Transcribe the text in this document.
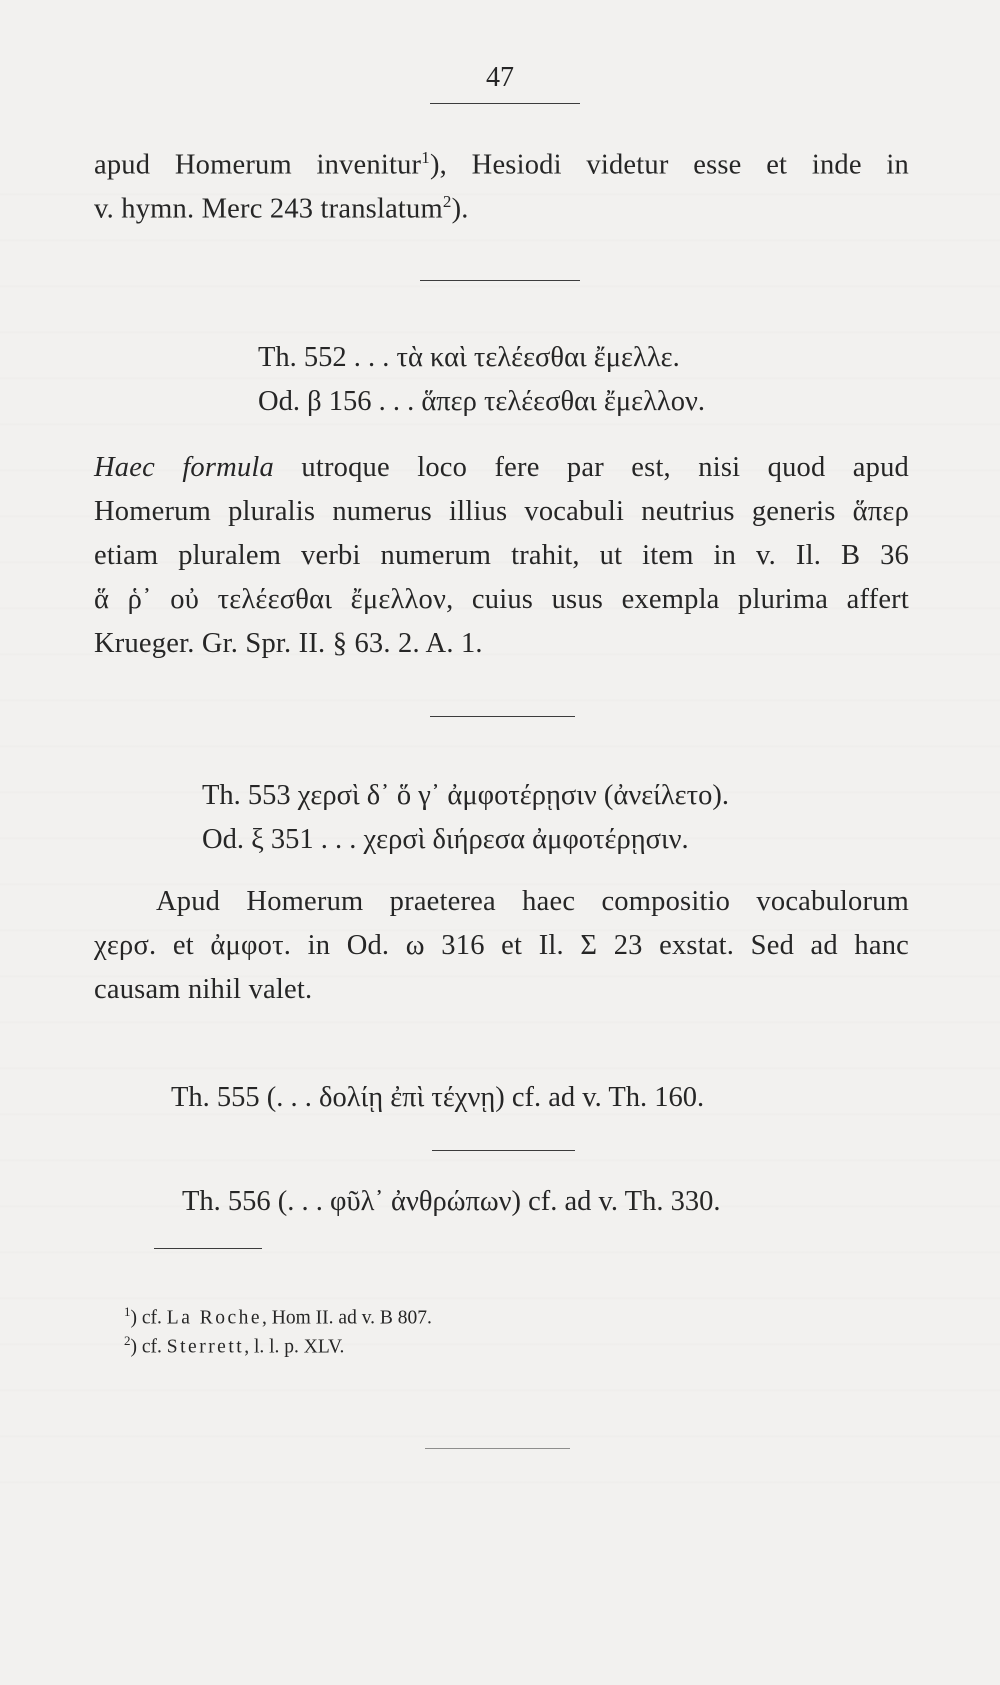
47
apud Homerum invenitur$^1$), Hesiodi videtur esse et inde in
v. hymn. Merc 243 translatum$^2$).
Th. 552 . . . τὰ καὶ τελέεσθαι ἔμελλε.
Od. β 156 . . . ἅπερ τελέεσθαι ἔμελλον.
Haec formula utroque loco fere par est, nisi quod apud
Homerum pluralis numerus illius vocabuli neutrius generis ἅπερ
etiam pluralem verbi numerum trahit, ut item in v. Il. B 36
ἅ ῥ᾽ οὐ τελέεσθαι ἔμελλον, cuius usus exempla plurima affert
Krueger. Gr. Spr. II. § 63. 2. A. 1.
Th. 553 χερσὶ δ᾽ ὅ γ᾽ ἀμφοτέρῃσιν (ἀνείλετο).
Od. ξ 351 . . . χερσὶ διήρεσα ἀμφοτέρῃσιν.
Apud Homerum praeterea haec compositio vocabulorum
χερσ. et ἀμφοτ. in Od. ω 316 et Il. Σ 23 exstat. Sed ad hanc
causam nihil valet.
Th. 555 (. . . δολίῃ ἐπὶ τέχνῃ) cf. ad v. Th. 160.
Th. 556 (. . . φῦλ᾽ ἀνθρώπων) cf. ad v. Th. 330.
$^1$) cf. La Roche, Hom II. ad v. B 807.
$^2$) cf. Sterrett, l. l. p. XLV.
